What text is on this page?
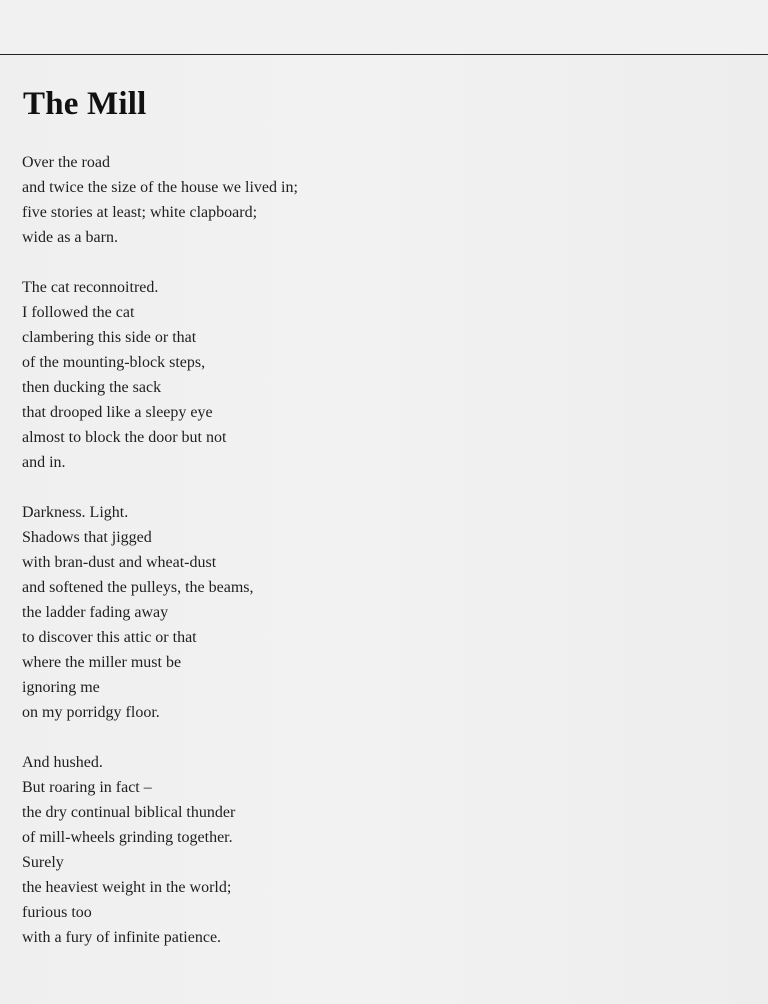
The Mill
Over the road
and twice the size of the house we lived in;
five stories at least; white clapboard;
wide as a barn.
The cat reconnoitred.
I followed the cat
clambering this side or that
of the mounting-block steps,
then ducking the sack
that drooped like a sleepy eye
almost to block the door but not
and in.
Darkness. Light.
Shadows that jigged
with bran-dust and wheat-dust
and softened the pulleys, the beams,
the ladder fading away
to discover this attic or that
where the miller must be
ignoring me
on my porridgy floor.
And hushed.
But roaring in fact –
the dry continual biblical thunder
of mill-wheels grinding together.
Surely
the heaviest weight in the world;
furious too
with a fury of infinite patience.
